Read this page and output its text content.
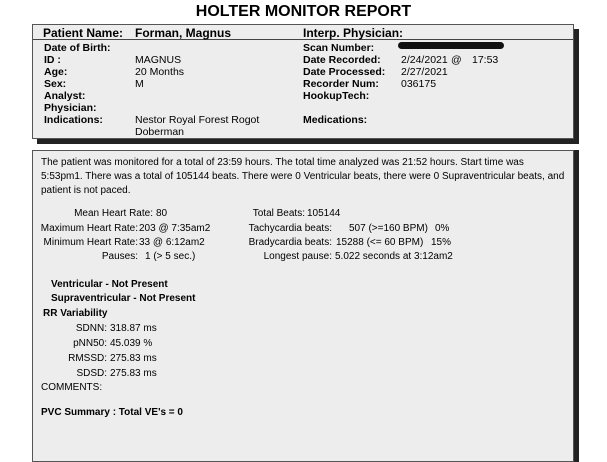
HOLTER MONITOR REPORT
Patient Name: Forman, Magnus	Interp. Physician:
Date of Birth:	Scan Number:
ID :	MAGNUS	Date Recorded: 2/24/2021 @ 17:53
Age:	20 Months	Date Processed: 2/27/2021
Sex:	M	Recorder Num: 036175
Analyst:	HookupTech:
Physician:
Indications:	Nestor Royal Forest Rogot
Doberman
Medications:
The patient was monitored for a total of 23:59 hours. The total time analyzed was 21:52 hours. Start time was 5:53pm1. There was a total of 105144 beats. There were 0 Ventricular beats, there were 0 Supraventricular beats, and patient is not paced.
Mean Heart Rate: 80	Total Beats: 105144
Maximum Heart Rate: 203 @ 7:35am2	Tachycardia beats: 507 (>=160 BPM) 0%
Minimum Heart Rate: 33 @ 6:12am2	Bradycardia beats: 15288 (<= 60 BPM) 15%
Pauses: 1 (> 5 sec.)	Longest pause: 5.022 seconds at 3:12am2
Ventricular - Not Present
Supraventricular - Not Present
RR Variability
SDNN: 318.87 ms
pNN50: 45.039 %
RMSSD: 275.83 ms
SDSD: 275.83 ms
COMMENTS:
PVC Summary : Total VE's = 0
